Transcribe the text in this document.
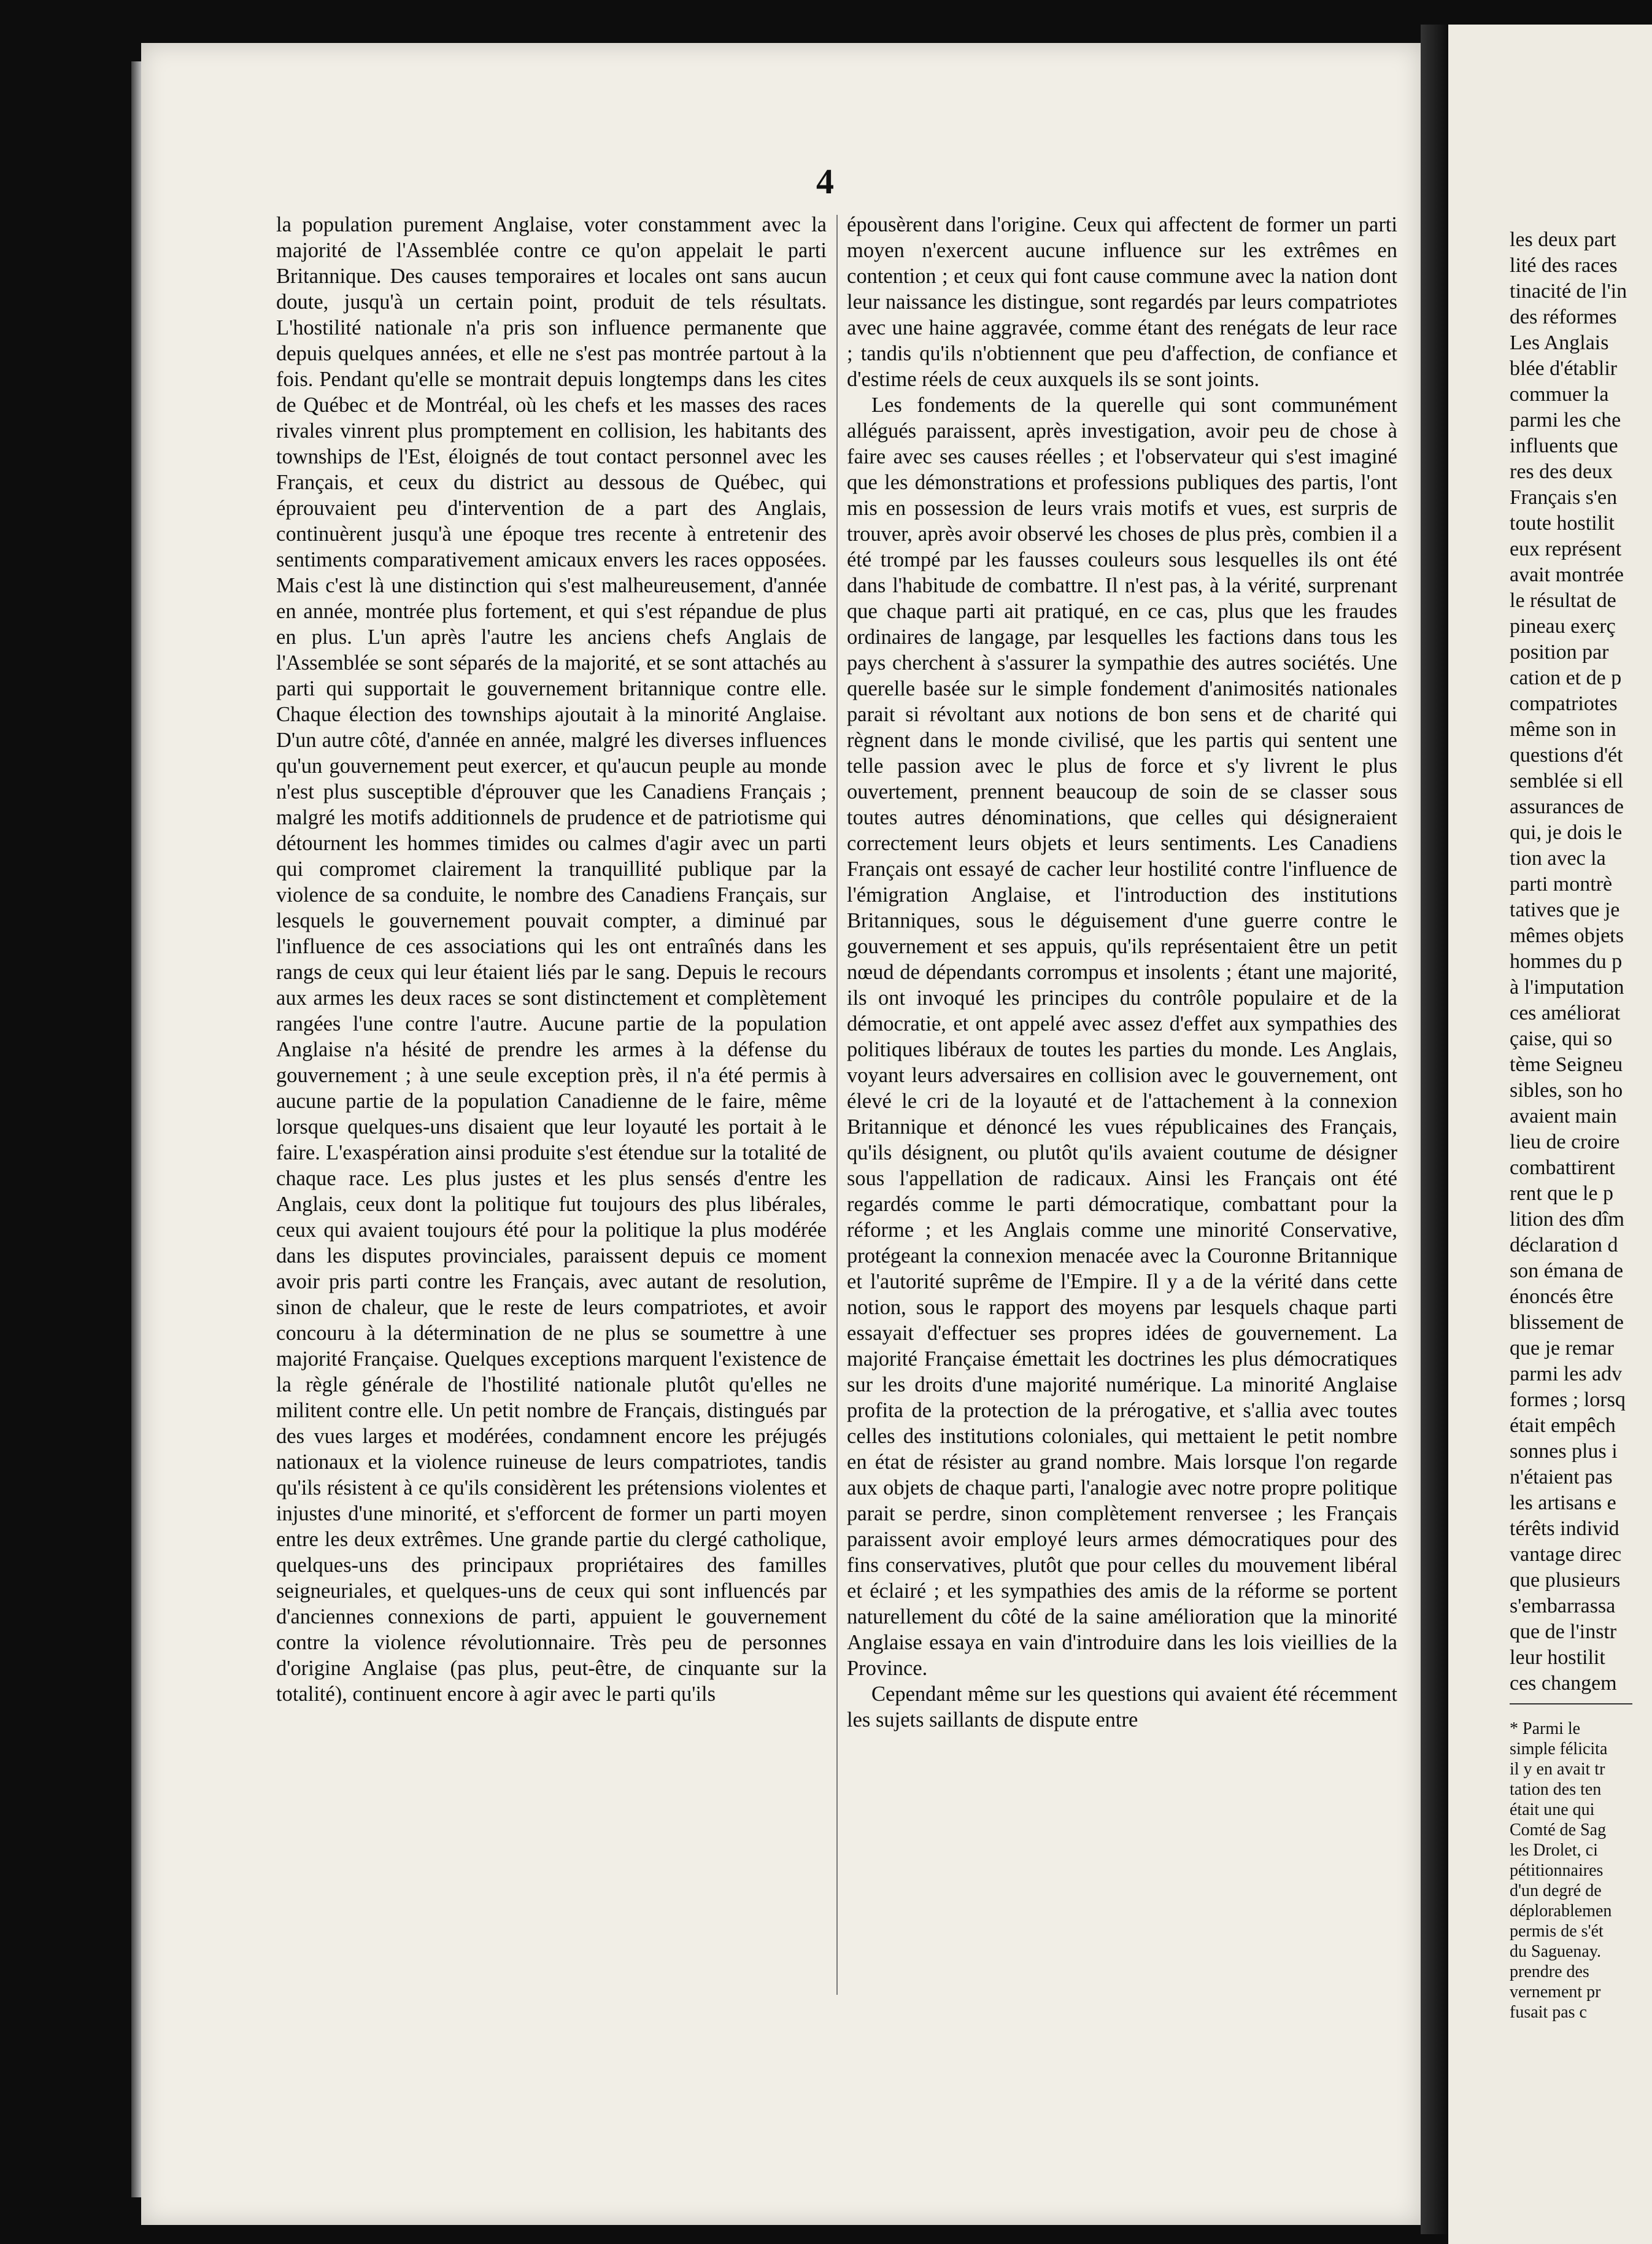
4

la population purement Anglaise, voter constamment avec la majorité de l'Assemblée contre ce qu'on appelait le parti Britannique. Des causes temporaires et locales ont sans aucun doute, jusqu'à un certain point, produit de tels résultats. L'hostilité nationale n'a pris son influence permanente que depuis quelques années, et elle ne s'est pas montrée partout à la fois. Pendant qu'elle se montrait depuis longtemps dans les cites de Québec et de Montréal, où les chefs et les masses des races rivales vinrent plus promptement en collision, les habitants des townships de l'Est, éloignés de tout contact personnel avec les Français, et ceux du district au dessous de Québec, qui éprouvaient peu d'intervention de a part des Anglais, continuèrent jusqu'à une époque tres recente à entretenir des sentiments comparativement amicaux envers les races opposées. Mais c'est là une distinction qui s'est malheureusement, d'année en année, montrée plus fortement, et qui s'est répandue de plus en plus. L'un après l'autre les anciens chefs Anglais de l'Assemblée se sont séparés de la majorité, et se sont attachés au parti qui supportait le gouvernement britannique contre elle. Chaque élection des townships ajoutait à la minorité Anglaise. D'un autre côté, d'année en année, malgré les diverses influences qu'un gouvernement peut exercer, et qu'aucun peuple au monde n'est plus susceptible d'éprouver que les Canadiens Français ; malgré les motifs additionnels de prudence et de patriotisme qui détournent les hommes timides ou calmes d'agir avec un parti qui compromet clairement la tranquillité publique par la violence de sa conduite, le nombre des Canadiens Français, sur lesquels le gouvernement pouvait compter, a diminué par l'influence de ces associations qui les ont entraînés dans les rangs de ceux qui leur étaient liés par le sang. Depuis le recours aux armes les deux races se sont distinctement et complètement rangées l'une contre l'autre. Aucune partie de la population Anglaise n'a hésité de prendre les armes à la défense du gouvernement ; à une seule exception près, il n'a été permis à aucune partie de la population Canadienne de le faire, même lorsque quelques-uns disaient que leur loyauté les portait à le faire. L'exaspération ainsi produite s'est étendue sur la totalité de chaque race. Les plus justes et les plus sensés d'entre les Anglais, ceux dont la politique fut toujours des plus libérales, ceux qui avaient toujours été pour la politique la plus modérée dans les disputes provinciales, paraissent depuis ce moment avoir pris parti contre les Français, avec autant de resolution, sinon de chaleur, que le reste de leurs compatriotes, et avoir concouru à la détermination de ne plus se soumettre à une majorité Française. Quelques exceptions marquent l'existence de la règle générale de l'hostilité nationale plutôt qu'elles ne militent contre elle. Un petit nombre de Français, distingués par des vues larges et modérées, condamnent encore les préjugés nationaux et la violence ruineuse de leurs compatriotes, tandis qu'ils résistent à ce qu'ils considèrent les prétensions violentes et injustes d'une minorité, et s'efforcent de former un parti moyen entre les deux extrêmes. Une grande partie du clergé catholique, quelques-uns des principaux propriétaires des familles seigneuriales, et quelques-uns de ceux qui sont influencés par d'anciennes connexions de parti, appuient le gouvernement contre la violence révolutionnaire. Très peu de personnes d'origine Anglaise (pas plus, peut-être, de cinquante sur la totalité), continuent encore à agir avec le parti qu'ils

épousèrent dans l'origine. Ceux qui affectent de former un parti moyen n'exercent aucune influence sur les extrêmes en contention ; et ceux qui font cause commune avec la nation dont leur naissance les distingue, sont regardés par leurs compatriotes avec une haine aggravée, comme étant des renégats de leur race ; tandis qu'ils n'obtiennent que peu d'affection, de confiance et d'estime réels de ceux auxquels ils se sont joints.

Les fondements de la querelle qui sont communément allégués paraissent, après investigation, avoir peu de chose à faire avec ses causes réelles ; et l'observateur qui s'est imaginé que les démonstrations et professions publiques des partis, l'ont mis en possession de leurs vrais motifs et vues, est surpris de trouver, après avoir observé les choses de plus près, combien il a été trompé par les fausses couleurs sous lesquelles ils ont été dans l'habitude de combattre. Il n'est pas, à la vérité, surprenant que chaque parti ait pratiqué, en ce cas, plus que les fraudes ordinaires de langage, par lesquelles les factions dans tous les pays cherchent à s'assurer la sympathie des autres sociétés. Une querelle basée sur le simple fondement d'animosités nationales parait si révoltant aux notions de bon sens et de charité qui règnent dans le monde civilisé, que les partis qui sentent une telle passion avec le plus de force et s'y livrent le plus ouvertement, prennent beaucoup de soin de se classer sous toutes autres dénominations, que celles qui désigneraient correctement leurs objets et leurs sentiments. Les Canadiens Français ont essayé de cacher leur hostilité contre l'influence de l'émigration Anglaise, et l'introduction des institutions Britanniques, sous le déguisement d'une guerre contre le gouvernement et ses appuis, qu'ils représentaient être un petit nœud de dépendants corrompus et insolents ; étant une majorité, ils ont invoqué les principes du contrôle populaire et de la démocratie, et ont appelé avec assez d'effet aux sympathies des politiques libéraux de toutes les parties du monde. Les Anglais, voyant leurs adversaires en collision avec le gouvernement, ont élevé le cri de la loyauté et de l'attachement à la connexion Britannique et dénoncé les vues républicaines des Français, qu'ils désignent, ou plutôt qu'ils avaient coutume de désigner sous l'appellation de radicaux. Ainsi les Français ont été regardés comme le parti démocratique, combattant pour la réforme ; et les Anglais comme une minorité Conservative, protégeant la connexion menacée avec la Couronne Britannique et l'autorité suprême de l'Empire. Il y a de la vérité dans cette notion, sous le rapport des moyens par lesquels chaque parti essayait d'effectuer ses propres idées de gouvernement. La majorité Française émettait les doctrines les plus démocratiques sur les droits d'une majorité numérique. La minorité Anglaise profita de la protection de la prérogative, et s'allia avec toutes celles des institutions coloniales, qui mettaient le petit nombre en état de résister au grand nombre. Mais lorsque l'on regarde aux objets de chaque parti, l'analogie avec notre propre politique parait se perdre, sinon complètement renversee ; les Français paraissent avoir employé leurs armes démocratiques pour des fins conservatives, plutôt que pour celles du mouvement libéral et éclairé ; et les sympathies des amis de la réforme se portent naturellement du côté de la saine amélioration que la minorité Anglaise essaya en vain d'introduire dans les lois vieillies de la Province.

Cependant même sur les questions qui avaient été récemment les sujets saillants de dispute entre

les deux part
lité des races
tinacité de l'in
des réformes
Les Anglais
blée d'établir
commuer la
parmi les che
influents que
res des deux
Français s'en
toute hostilit
eux représent
avait montrée
le résultat de
pineau exerç
position par
cation et de p
compatriotes
même son in
questions d'ét
semblée si ell
assurances de
qui, je dois le
tion avec la
parti montrè
tatives que je
mêmes objets
hommes du p
à l'imputation
ces améliorat
çaise, qui so
tème Seigneu
sibles, son ho
avaient main
lieu de croire
combattirent
rent que le p
lition des dîm
déclaration d
son émana de
énoncés être
blissement de
que je remar
parmi les adv
formes ; lorsq
était empêch
sonnes plus i
n'étaient pas
les artisans e
térêts individ
vantage direc
que plusieurs
s'embarrassa
que de l'instr
leur hostilit
ces changem
* Parmi le
simple félicita
il y en avait tr
tation des ten
était une qui
Comté de Sag
les Drolet, ci
pétitionnaires
d'un degré de
déplorablemen
permis de s'ét
du Saguenay.
prendre des
vernement pr
fusait pas c
